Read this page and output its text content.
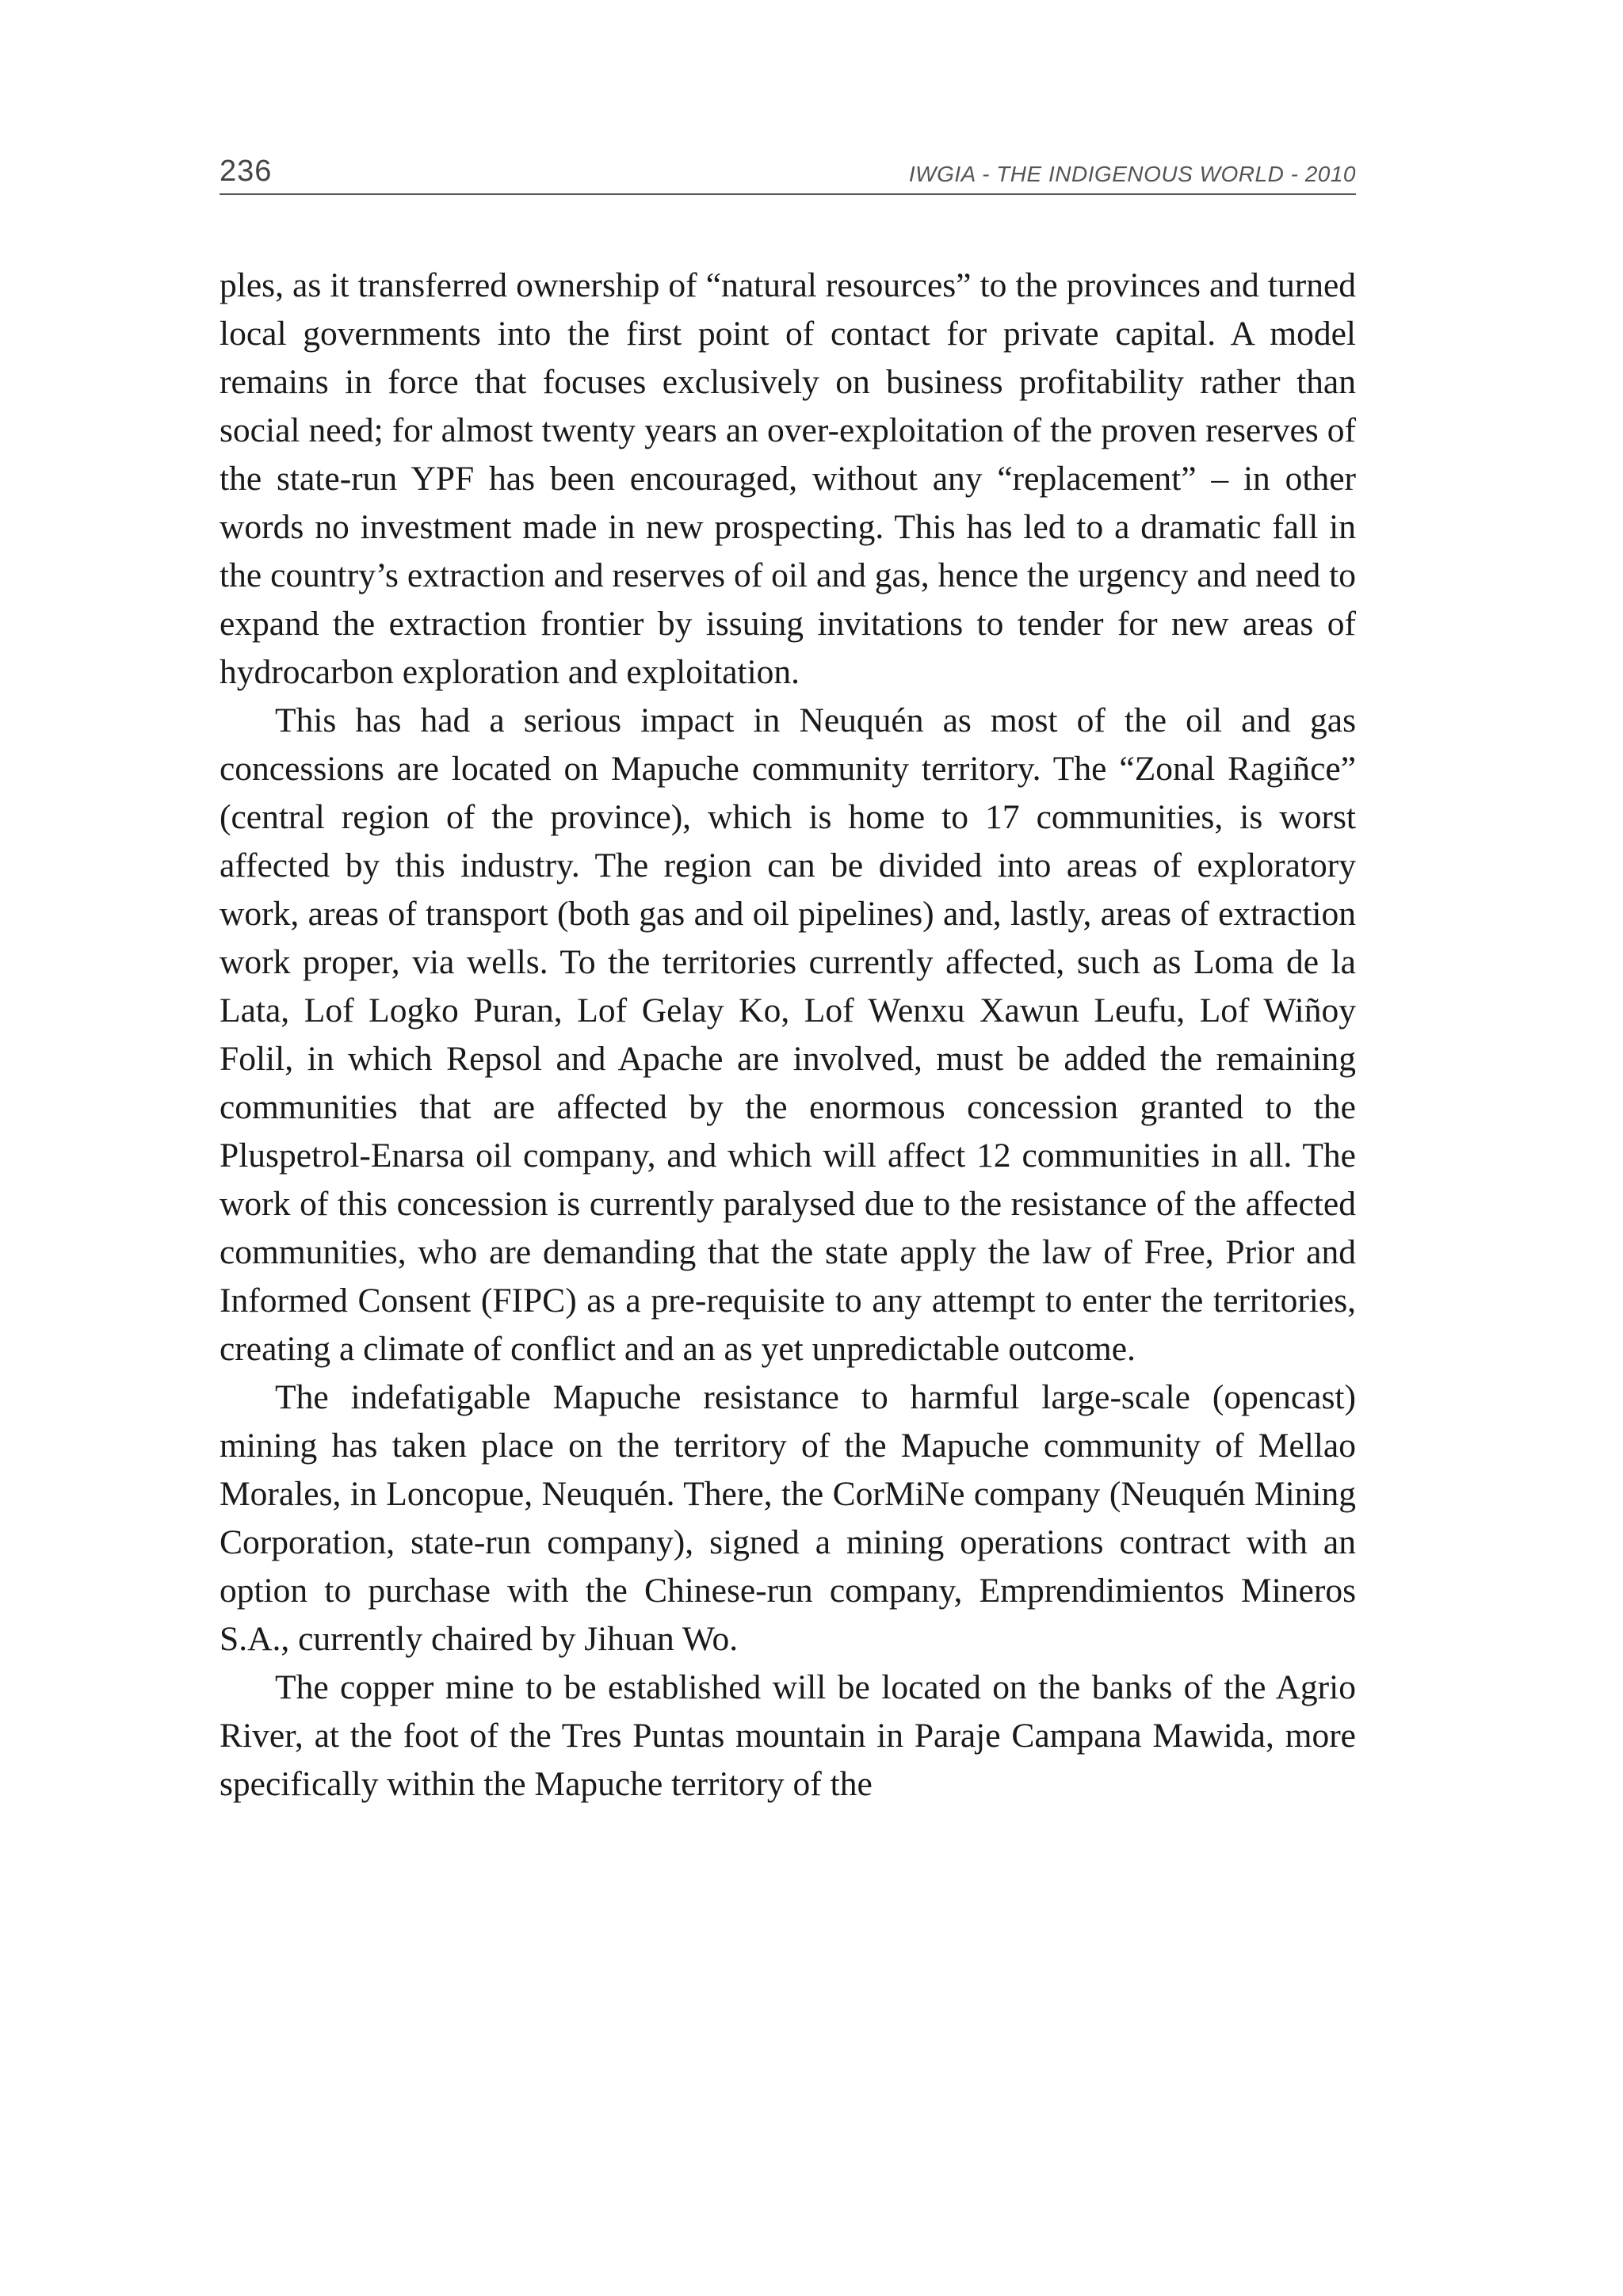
236	IWGIA - THE INDIGENOUS WORLD - 2010

ples, as it transferred ownership of “natural resources” to the provinces and turned local governments into the first point of contact for private capital. A model remains in force that focuses exclusively on business profitability rather than social need; for almost twenty years an over-exploitation of the proven reserves of the state-run YPF has been encouraged, without any “replacement” – in other words no investment made in new prospecting. This has led to a dramatic fall in the country’s extraction and reserves of oil and gas, hence the urgency and need to expand the extraction frontier by issuing invitations to tender for new areas of hydrocarbon exploration and exploitation.

This has had a serious impact in Neuquén as most of the oil and gas concessions are located on Mapuche community territory. The “Zonal Ragiñce” (central region of the province), which is home to 17 communities, is worst affected by this industry. The region can be divided into areas of exploratory work, areas of transport (both gas and oil pipelines) and, lastly, areas of extraction work proper, via wells. To the territories currently affected, such as Loma de la Lata, Lof Logko Puran, Lof Gelay Ko, Lof Wenxu Xawun Leufu, Lof Wiñoy Folil, in which Repsol and Apache are involved, must be added the remaining communities that are affected by the enormous concession granted to the Pluspetrol-Enarsa oil company, and which will affect 12 communities in all. The work of this concession is currently paralysed due to the resistance of the affected communities, who are demanding that the state apply the law of Free, Prior and Informed Consent (FIPC) as a pre-requisite to any attempt to enter the territories, creating a climate of conflict and an as yet unpredictable outcome.

The indefatigable Mapuche resistance to harmful large-scale (opencast) mining has taken place on the territory of the Mapuche community of Mellao Morales, in Loncopue, Neuquén. There, the CorMiNe company (Neuquén Mining Corporation, state-run company), signed a mining operations contract with an option to purchase with the Chinese-run company, Emprendimientos Mineros S.A., currently chaired by Jihuan Wo.

The copper mine to be established will be located on the banks of the Agrio River, at the foot of the Tres Puntas mountain in Paraje Campana Mawida, more specifically within the Mapuche territory of the
